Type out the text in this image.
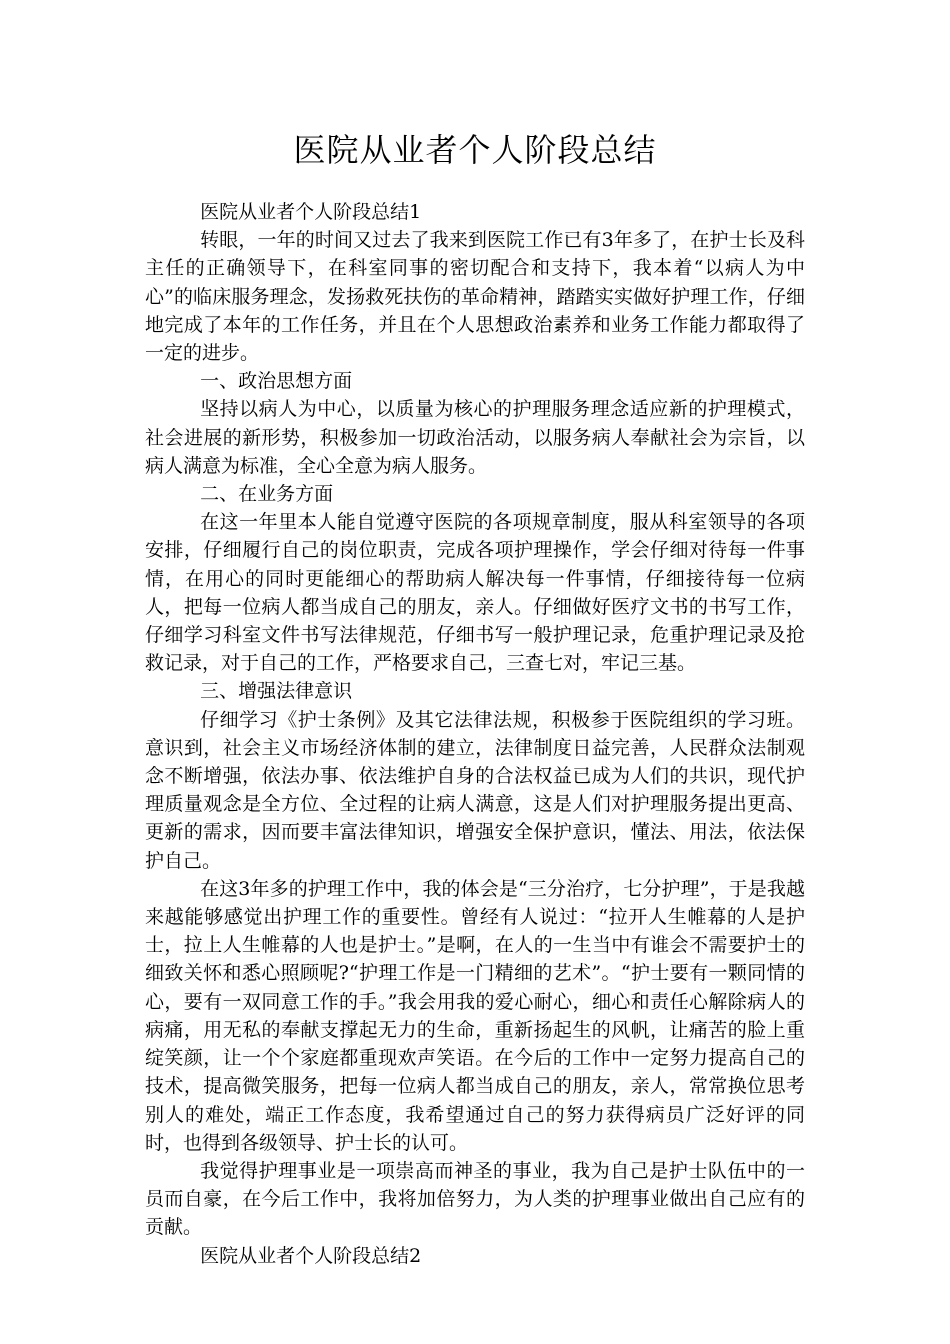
医院从业者个人阶段总结

医院从业者个人阶段总结1

转眼，一年的时间又过去了我来到医院工作已有3年多了，在护士长及科主任的正确领导下，在科室同事的密切配合和支持下，我本着“以病人为中心”的临床服务理念，发扬救死扶伤的革命精神，踏踏实实做好护理工作，仔细地完成了本年的工作任务，并且在个人思想政治素养和业务工作能力都取得了一定的进步。

一、政治思想方面

坚持以病人为中心，以质量为核心的护理服务理念适应新的护理模式，社会进展的新形势，积极参加一切政治活动，以服务病人奉献社会为宗旨，以病人满意为标准，全心全意为病人服务。

二、在业务方面

在这一年里本人能自觉遵守医院的各项规章制度，服从科室领导的各项安排，仔细履行自己的岗位职责，完成各项护理操作，学会仔细对待每一件事情，在用心的同时更能细心的帮助病人解决每一件事情，仔细接待每一位病人，把每一位病人都当成自己的朋友，亲人。仔细做好医疗文书的书写工作，仔细学习科室文件书写法律规范，仔细书写一般护理记录，危重护理记录及抢救记录，对于自己的工作，严格要求自己，三查七对，牢记三基。

三、增强法律意识

仔细学习《护士条例》及其它法律法规，积极参于医院组织的学习班。意识到，社会主义市场经济体制的建立，法律制度日益完善，人民群众法制观念不断增强，依法办事、依法维护自身的合法权益已成为人们的共识，现代护理质量观念是全方位、全过程的让病人满意，这是人们对护理服务提出更高、更新的需求，因而要丰富法律知识，增强安全保护意识，懂法、用法，依法保护自己。

在这3年多的护理工作中，我的体会是“三分治疗，七分护理”，于是我越来越能够感觉出护理工作的重要性。曾经有人说过：“拉开人生帷幕的人是护士，拉上人生帷幕的人也是护士。”是啊，在人的一生当中有谁会不需要护士的细致关怀和悉心照顾呢?“护理工作是一门精细的艺术”。“护士要有一颗同情的心，要有一双同意工作的手。”我会用我的爱心耐心，细心和责任心解除病人的病痛，用无私的奉献支撑起无力的生命，重新扬起生的风帆，让痛苦的脸上重绽笑颜，让一个个家庭都重现欢声笑语。在今后的工作中一定努力提高自己的技术，提高微笑服务，把每一位病人都当成自己的朋友，亲人，常常换位思考别人的难处，端正工作态度，我希望通过自己的努力获得病员广泛好评的同时，也得到各级领导、护士长的认可。

我觉得护理事业是一项崇高而神圣的事业，我为自己是护士队伍中的一员而自豪，在今后工作中，我将加倍努力，为人类的护理事业做出自己应有的贡献。

医院从业者个人阶段总结2
